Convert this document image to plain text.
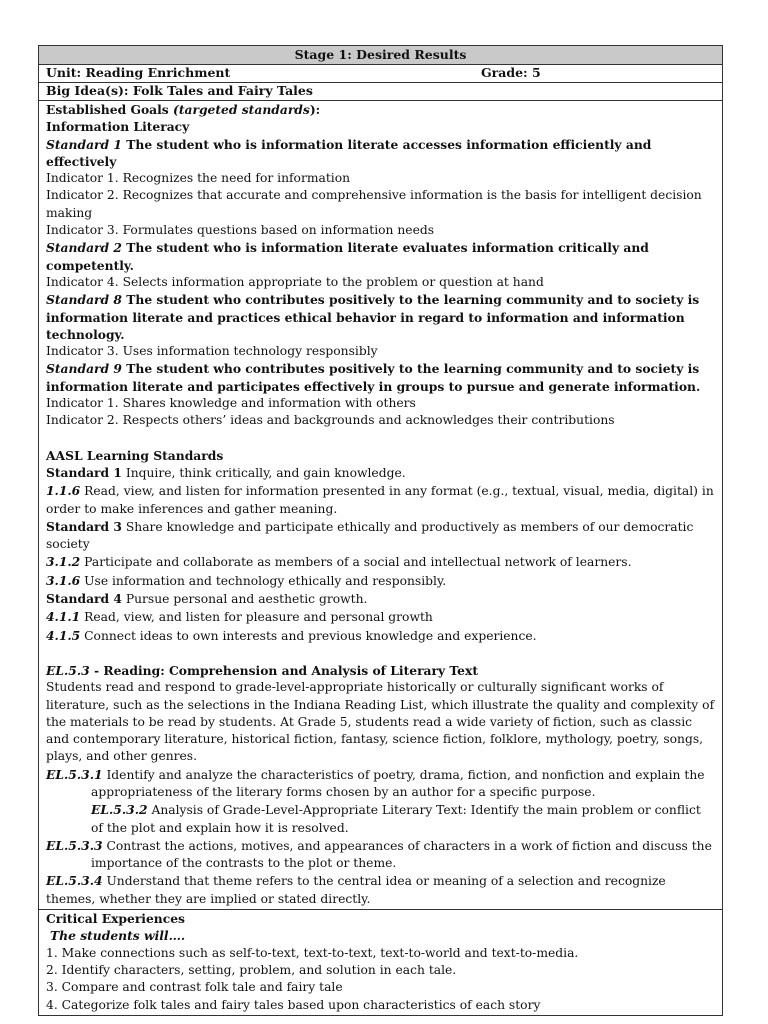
Stage 1: Desired Results
Unit: Reading Enrichment	Grade: 5
Big Idea(s): Folk Tales and Fairy Tales
Established Goals (targeted standards):
Information Literacy
Standard 1 The student who is information literate accesses information efficiently and effectively
Indicator 1. Recognizes the need for information
Indicator 2. Recognizes that accurate and comprehensive information is the basis for intelligent decision making
Indicator 3. Formulates questions based on information needs
Standard 2 The student who is information literate evaluates information critically and competently.
Indicator 4. Selects information appropriate to the problem or question at hand
Standard 8 The student who contributes positively to the learning community and to society is information literate and practices ethical behavior in regard to information and information technology.
Indicator 3. Uses information technology responsibly
Standard 9 The student who contributes positively to the learning community and to society is information literate and participates effectively in groups to pursue and generate information.
Indicator 1. Shares knowledge and information with others
Indicator 2. Respects others’ ideas and backgrounds and acknowledges their contributions
AASL Learning Standards
Standard 1 Inquire, think critically, and gain knowledge.
1.1.6 Read, view, and listen for information presented in any format (e.g., textual, visual, media, digital) in order to make inferences and gather meaning.
Standard 3 Share knowledge and participate ethically and productively as members of our democratic society
3.1.2 Participate and collaborate as members of a social and intellectual network of learners.
3.1.6 Use information and technology ethically and responsibly.
Standard 4 Pursue personal and aesthetic growth.
4.1.1 Read, view, and listen for pleasure and personal growth
4.1.5 Connect ideas to own interests and previous knowledge and experience.
EL.5.3 - Reading: Comprehension and Analysis of Literary Text
Students read and respond to grade-level-appropriate historically or culturally significant works of literature, such as the selections in the Indiana Reading List, which illustrate the quality and complexity of the materials to be read by students. At Grade 5, students read a wide variety of fiction, such as classic and contemporary literature, historical fiction, fantasy, science fiction, folklore, mythology, poetry, songs, plays, and other genres.
EL.5.3.1 Identify and analyze the characteristics of poetry, drama, fiction, and nonfiction and explain the appropriateness of the literary forms chosen by an author for a specific purpose.
EL.5.3.2 Analysis of Grade-Level-Appropriate Literary Text: Identify the main problem or conflict of the plot and explain how it is resolved.
EL.5.3.3 Contrast the actions, motives, and appearances of characters in a work of fiction and discuss the importance of the contrasts to the plot or theme.
EL.5.3.4 Understand that theme refers to the central idea or meaning of a selection and recognize themes, whether they are implied or stated directly.
Critical Experiences
The students will….
1. Make connections such as self-to-text, text-to-text, text-to-world and text-to-media.
2. Identify characters, setting, problem, and solution in each tale.
3. Compare and contrast folk tale and fairy tale
4. Categorize folk tales and fairy tales based upon characteristics of each story
